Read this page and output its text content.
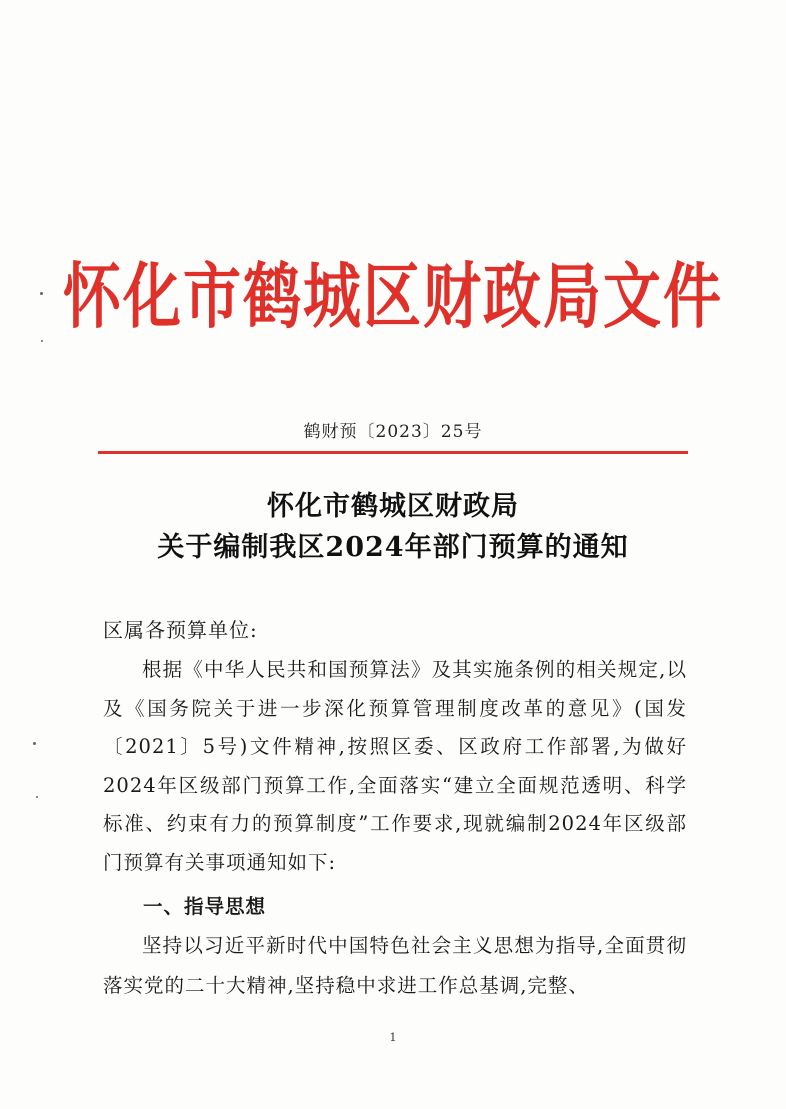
怀化市鹤城区财政局文件
鹤财预〔2023〕25号
怀化市鹤城区财政局
关于编制我区2024年部门预算的通知
区属各预算单位:

根据《中华人民共和国预算法》及其实施条例的相关规定,以及《国务院关于进一步深化预算管理制度改革的意见》(国发〔2021〕5号)文件精神,按照区委、区政府工作部署,为做好2024年区级部门预算工作,全面落实“建立全面规范透明、科学标准、约束有力的预算制度”工作要求,现就编制2024年区级部门预算有关事项通知如下:

一、指导思想

坚持以习近平新时代中国特色社会主义思想为指导,全面贯彻落实党的二十大精神,坚持稳中求进工作总基调,完整、

1
